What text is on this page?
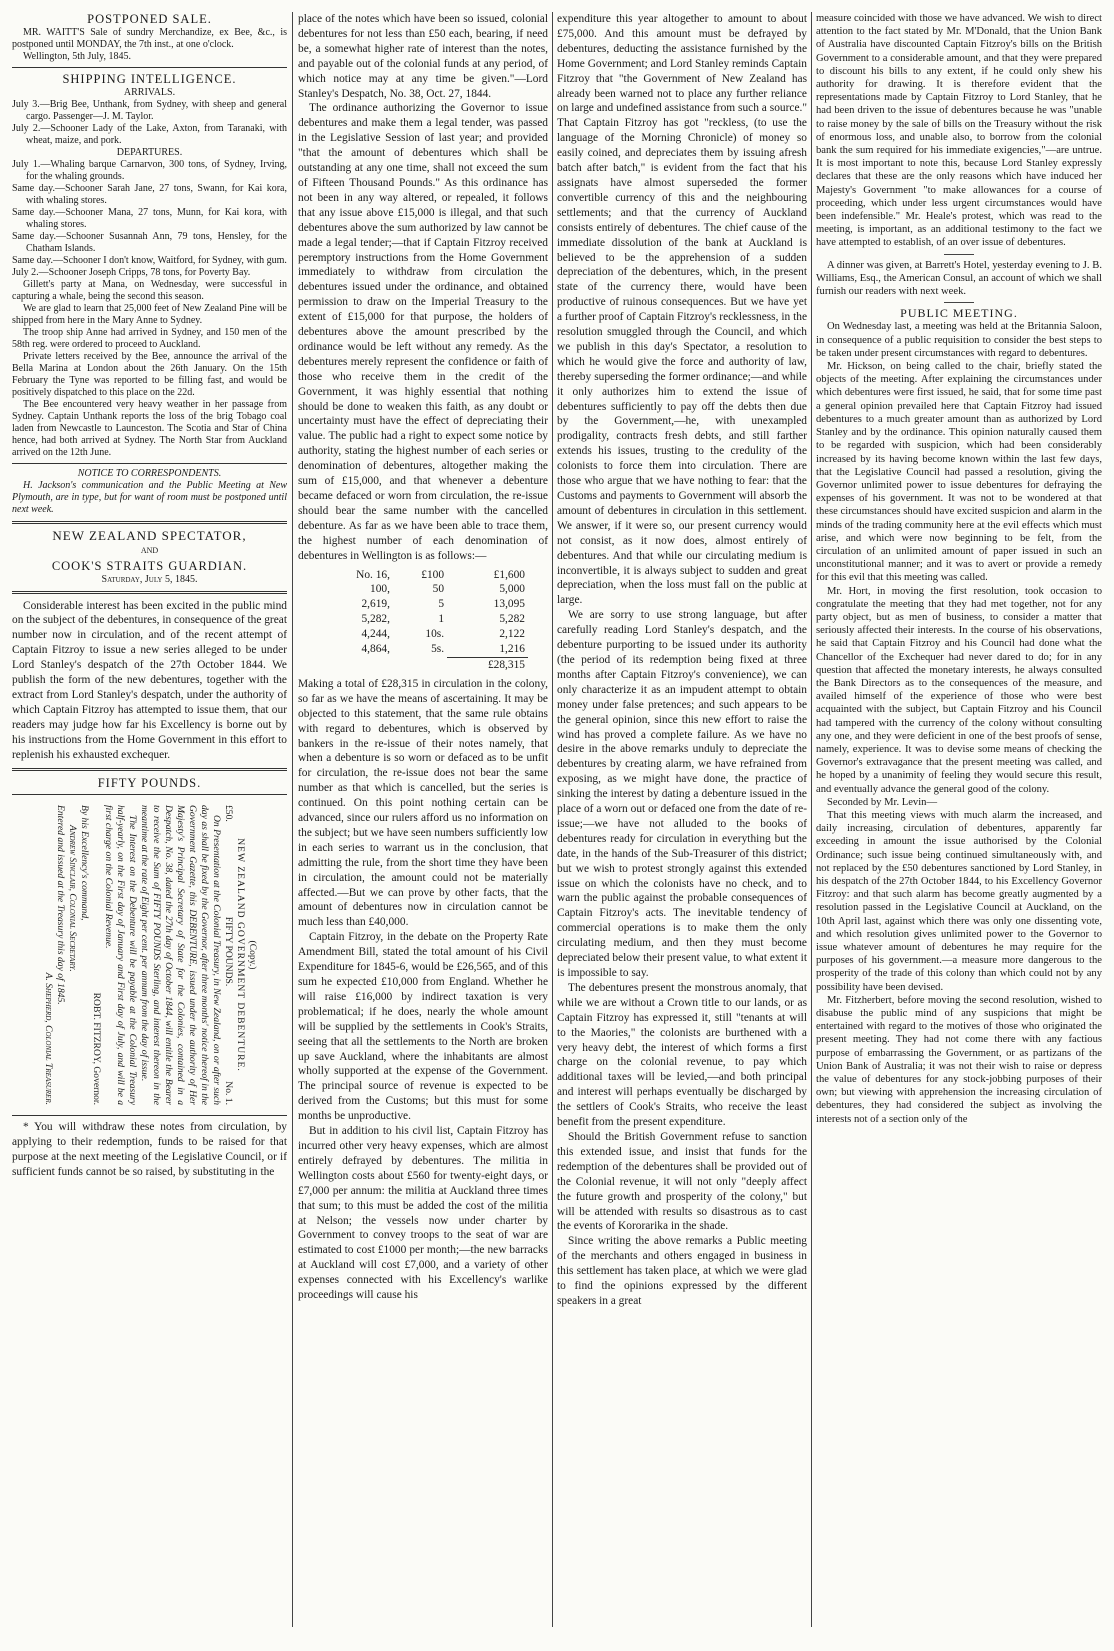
POSTPONED SALE.

MR. WAITT'S Sale of sundry Merchandize, ex Bee, &c., is postponed until MONDAY, the 7th inst., at one o'clock.

Wellington, 5th July, 1845.

SHIPPING INTELLIGENCE.
ARRIVALS.
July 3.—Brig Bee, Unthank, from Sydney, with sheep and general cargo. Passenger—J. M. Taylor.
July 2.—Schooner Lady of the Lake, Axton, from Taranaki, with wheat, maize, and pork.
DEPARTURES.
July 1.—Whaling barque Carnarvon, 300 tons, of Sydney, Irving, for the whaling grounds.
Same day.—Schooner Sarah Jane, 27 tons, Swann, for Kai kora, with whaling stores.
Same day.—Schooner Mana, 27 tons, Munn, for Kai kora, with whaling stores.
Same day.—Schooner Susannah Ann, 79 tons, Hensley, for the Chatham Islands.
Same day.—Schooner I don't know, Waitford, for Sydney, with gum.
July 2.—Schooner Joseph Cripps, 78 tons, for Poverty Bay.

Gillett's party at Mana, on Wednesday, were successful in capturing a whale, being the second this season.

We are glad to learn that 25,000 feet of New Zealand Pine will be shipped from here in the Mary Anne to Sydney.

The troop ship Anne had arrived in Sydney, and 150 men of the 58th reg. were ordered to proceed to Auckland.

Private letters received by the Bee, announce the arrival of the Bella Marina at London about the 26th January. On the 15th February the Tyne was reported to be filling fast, and would be positively dispatched to this place on the 22d.

The Bee encountered very heavy weather in her passage from Sydney. Captain Unthank reports the loss of the brig Tobago coal laden from Newcastle to Launceston. The Scotia and Star of China hence, had both arrived at Sydney. The North Star from Auckland arrived on the 12th June.

NOTICE TO CORRESPONDENTS.

H. Jackson's communication and the Public Meeting at New Plymouth, are in type, but for want of room must be postponed until next week.

NEW ZEALAND SPECTATOR,
AND
COOK'S STRAITS GUARDIAN.
Saturday, July 5, 1845.

Considerable interest has been excited in the public mind on the subject of the debentures, in consequence of the great number now in circulation, and of the recent attempt of Captain Fitzroy to issue a new series alleged to be under Lord Stanley's despatch of the 27th October 1844. We publish the form of the new debentures, together with the extract from Lord Stanley's despatch, under the authority of which Captain Fitzroy has attempted to issue them, that our readers may judge how far his Excellency is borne out by his instructions from the Home Government in this effort to replenish his exhausted exchequer.

FIFTY POUNDS.
(Copy.)
NEW ZEALAND GOVERNMENT DEBENTURE.
£50.
FIFTY POUNDS.
No. 1.

On Presentation at the Colonial Treasury, in New Zealand, on or after such day as shall be fixed by the Governor, after three months' notice thereof in the Government Gazette, this DEBENTURE, issued under the authority of Her Majesty's Principal Secretary of State for the Colonies, contained in a Despatch, No. 38, dated the 27th day of October 1844, will entitle the Bearer to receive the Sum of FIFTY POUNDS Sterling, and interest thereon in the meantime at the rate of Eight per cent. per annum from the day of issue.

The Interest on the Debenture will be payable at the Colonial Treasury half-yearly, on the First day of January and First day of July, and will be a first charge on the Colonial Revenue.

ROBT. FITZROY, Governor.
By his Excellency's command,
Andrew Sinclair, Colonial Secretary.
Entered and issued at the Treasury this day of 1845.
A. Shepherd, Colonial Treasurer.

* You will withdraw these notes from circulation, by applying to their redemption, funds to be raised for that purpose at the next meeting of the Legislative Council, or if sufficient funds cannot be so raised, by substituting in the

place of the notes which have been so issued, colonial debentures for not less than £50 each, bearing, if need be, a somewhat higher rate of interest than the notes, and payable out of the colonial funds at any period, of which notice may at any time be given."—Lord Stanley's Despatch, No. 38, Oct. 27, 1844.

The ordinance authorizing the Governor to issue debentures and make them a legal tender, was passed in the Legislative Session of last year; and provided "that the amount of debentures which shall be outstanding at any one time, shall not exceed the sum of Fifteen Thousand Pounds." As this ordinance has not been in any way altered, or repealed, it follows that any issue above £15,000 is illegal, and that such debentures above the sum authorized by law cannot be made a legal tender;—that if Captain Fitzroy received peremptory instructions from the Home Government immediately to withdraw from circulation the debentures issued under the ordinance, and obtained permission to draw on the Imperial Treasury to the extent of £15,000 for that purpose, the holders of debentures above the amount prescribed by the ordinance would be left without any remedy. As the debentures merely represent the confidence or faith of those who receive them in the credit of the Government, it was highly essential that nothing should be done to weaken this faith, as any doubt or uncertainty must have the effect of depreciating their value. The public had a right to expect some notice by authority, stating the highest number of each series or denomination of debentures, altogether making the sum of £15,000, and that whenever a debenture became defaced or worn from circulation, the re-issue should bear the same number with the cancelled debenture. As far as we have been able to trace them, the highest number of each denomination of debentures in Wellington is as follows:—

No. 16,	£100	£1,600
100,	50	5,000
2,619,	5	13,095
5,282,	1	5,282
4,244,	10s.	2,122
4,864,	5s.	1,216
		£28,315

Making a total of £28,315 in circulation in the colony, so far as we have the means of ascertaining. It may be objected to this statement, that the same rule obtains with regard to debentures, which is observed by bankers in the re-issue of their notes namely, that when a debenture is so worn or defaced as to be unfit for circulation, the re-issue does not bear the same number as that which is cancelled, but the series is continued. On this point nothing certain can be advanced, since our rulers afford us no information on the subject; but we have seen numbers sufficiently low in each series to warrant us in the conclusion, that admitting the rule, from the short time they have been in circulation, the amount could not be materially affected.—But we can prove by other facts, that the amount of debentures now in circulation cannot be much less than £40,000.

Captain Fitzroy, in the debate on the Property Rate Amendment Bill, stated the total amount of his Civil Expenditure for 1845-6, would be £26,565, and of this sum he expected £10,000 from England. Whether he will raise £16,000 by indirect taxation is very problematical; if he does, nearly the whole amount will be supplied by the settlements in Cook's Straits, seeing that all the settlements to the North are broken up save Auckland, where the inhabitants are almost wholly supported at the expense of the Government. The principal source of revenue is expected to be derived from the Customs; but this must for some months be unproductive.

But in addition to his civil list, Captain Fitzroy has incurred other very heavy expenses, which are almost entirely defrayed by debentures. The militia in Wellington costs about £560 for twenty-eight days, or £7,000 per annum: the militia at Auckland three times that sum; to this must be added the cost of the militia at Nelson; the vessels now under charter by Government to convey troops to the seat of war are estimated to cost £1000 per month;—the new barracks at Auckland will cost £7,000, and a variety of other expenses connected with his Excellency's warlike proceedings will cause his

expenditure this year altogether to amount to about £75,000. And this amount must be defrayed by debentures, deducting the assistance furnished by the Home Government; and Lord Stanley reminds Captain Fitzroy that "the Government of New Zealand has already been warned not to place any further reliance on large and undefined assistance from such a source." That Captain Fitzroy has got "reckless, (to use the language of the Morning Chronicle) of money so easily coined, and depreciates them by issuing afresh batch after batch," is evident from the fact that his assignats have almost superseded the former convertible currency of this and the neighbouring settlements; and that the currency of Auckland consists entirely of debentures. The chief cause of the immediate dissolution of the bank at Auckland is believed to be the apprehension of a sudden depreciation of the debentures, which, in the present state of the currency there, would have been productive of ruinous consequences. But we have yet a further proof of Captain Fitzroy's recklessness, in the resolution smuggled through the Council, and which we publish in this day's Spectator, a resolution to which he would give the force and authority of law, thereby superseding the former ordinance;—and while it only authorizes him to extend the issue of debentures sufficiently to pay off the debts then due by the Government,—he, with unexampled prodigality, contracts fresh debts, and still farther extends his issues, trusting to the credulity of the colonists to force them into circulation. There are those who argue that we have nothing to fear: that the Customs and payments to Government will absorb the amount of debentures in circulation in this settlement. We answer, if it were so, our present currency would not consist, as it now does, almost entirely of debentures. And that while our circulating medium is inconvertible, it is always subject to sudden and great depreciation, when the loss must fall on the public at large.

We are sorry to use strong language, but after carefully reading Lord Stanley's despatch, and the debenture purporting to be issued under its authority (the period of its redemption being fixed at three months after Captain Fitzroy's convenience), we can only characterize it as an impudent attempt to obtain money under false pretences; and such appears to be the general opinion, since this new effort to raise the wind has proved a complete failure. As we have no desire in the above remarks unduly to depreciate the debentures by creating alarm, we have refrained from exposing, as we might have done, the practice of sinking the interest by dating a debenture issued in the place of a worn out or defaced one from the date of re-issue;—we have not alluded to the books of debentures ready for circulation in everything but the date, in the hands of the Sub-Treasurer of this district; but we wish to protest strongly against this extended issue on which the colonists have no check, and to warn the public against the probable consequences of Captain Fitzroy's acts. The inevitable tendency of commercial operations is to make them the only circulating medium, and then they must become depreciated below their present value, to what extent it is impossible to say.

The debentures present the monstrous anomaly, that while we are without a Crown title to our lands, or as Captain Fitzroy has expressed it, still "tenants at will to the Maories," the colonists are burthened with a very heavy debt, the interest of which forms a first charge on the colonial revenue, to pay which additional taxes will be levied,—and both principal and interest will perhaps eventually be discharged by the settlers of Cook's Straits, who receive the least benefit from the present expenditure.

Should the British Government refuse to sanction this extended issue, and insist that funds for the redemption of the debentures shall be provided out of the Colonial revenue, it will not only "deeply affect the future growth and prosperity of the colony," but will be attended with results so disastrous as to cast the events of Kororarika in the shade.

Since writing the above remarks a Public meeting of the merchants and others engaged in business in this settlement has taken place, at which we were glad to find the opinions expressed by the different speakers in a great

measure coincided with those we have advanced. We wish to direct attention to the fact stated by Mr. M'Donald, that the Union Bank of Australia have discounted Captain Fitzroy's bills on the British Government to a considerable amount, and that they were prepared to discount his bills to any extent, if he could only shew his authority for drawing. It is therefore evident that the representations made by Captain Fitzroy to Lord Stanley, that he had been driven to the issue of debentures because he was "unable to raise money by the sale of bills on the Treasury without the risk of enormous loss, and unable also, to borrow from the colonial bank the sum required for his immediate exigencies,"—are untrue. It is most important to note this, because Lord Stanley expressly declares that these are the only reasons which have induced her Majesty's Government "to make allowances for a course of proceeding, which under less urgent circumstances would have been indefensible." Mr. Heale's protest, which was read to the meeting, is important, as an additional testimony to the fact we have attempted to establish, of an over issue of debentures.

A dinner was given, at Barrett's Hotel, yesterday evening to J. B. Williams, Esq., the American Consul, an account of which we shall furnish our readers with next week.

PUBLIC MEETING.

On Wednesday last, a meeting was held at the Britannia Saloon, in consequence of a public requisition to consider the best steps to be taken under present circumstances with regard to debentures.

Mr. Hickson, on being called to the chair, briefly stated the objects of the meeting. After explaining the circumstances under which debentures were first issued, he said, that for some time past a general opinion prevailed here that Captain Fitzroy had issued debentures to a much greater amount than as authorized by Lord Stanley and by the ordinance. This opinion naturally caused them to be regarded with suspicion, which had been considerably increased by its having become known within the last few days, that the Legislative Council had passed a resolution, giving the Governor unlimited power to issue debentures for defraying the expenses of his government. It was not to be wondered at that these circumstances should have excited suspicion and alarm in the minds of the trading community here at the evil effects which must arise, and which were now beginning to be felt, from the circulation of an unlimited amount of paper issued in such an unconstitutional manner; and it was to avert or provide a remedy for this evil that this meeting was called.

Mr. Hort, in moving the first resolution, took occasion to congratulate the meeting that they had met together, not for any party object, but as men of business, to consider a matter that seriously affected their interests. In the course of his observations, he said that Captain Fitzroy and his Council had done what the Chancellor of the Exchequer had never dared to do; for in any question that affected the monetary interests, he always consulted the Bank Directors as to the consequences of the measure, and availed himself of the experience of those who were best acquainted with the subject, but Captain Fitzroy and his Council had tampered with the currency of the colony without consulting any one, and they were deficient in one of the best proofs of sense, namely, experience. It was to devise some means of checking the Governor's extravagance that the present meeting was called, and he hoped by a unanimity of feeling they would secure this result, and eventually advance the general good of the colony.

Seconded by Mr. Levin—

That this meeting views with much alarm the increased, and daily increasing, circulation of debentures, apparently far exceeding in amount the issue authorised by the Colonial Ordinance; such issue being continued simultaneously with, and not replaced by the £50 debentures sanctioned by Lord Stanley, in his despatch of the 27th October 1844, to his Excellency Governor Fitzroy: and that such alarm has become greatly augmented by a resolution passed in the Legislative Council at Auckland, on the 10th April last, against which there was only one dissenting vote, and which resolution gives unlimited power to the Governor to issue whatever amount of debentures he may require for the purposes of his government.—a measure more dangerous to the prosperity of the trade of this colony than which could not by any possibility have been devised.

Mr. Fitzherbert, before moving the second resolution, wished to disabuse the public mind of any suspicions that might be entertained with regard to the motives of those who originated the present meeting. They had not come there with any factious purpose of embarrassing the Government, or as partizans of the Union Bank of Australia; it was not their wish to raise or depress the value of debentures for any stock-jobbing purposes of their own; but viewing with apprehension the increasing circulation of debentures, they had considered the subject as involving the interests not of a section only of the
